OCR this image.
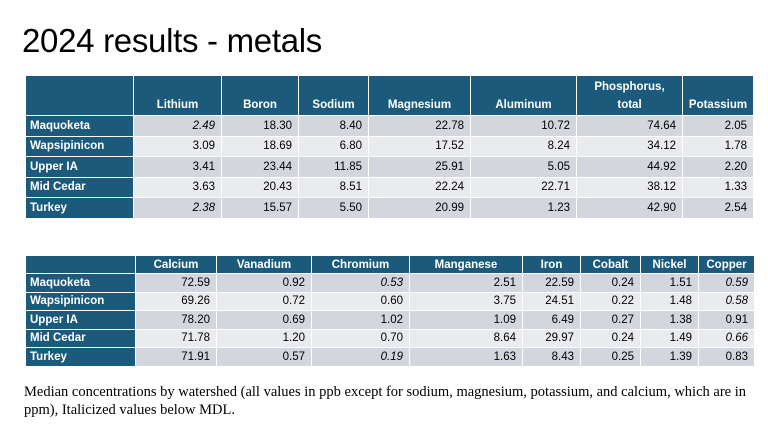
2024 results - metals
	Lithium	Boron	Sodium	Magnesium	Aluminum	Phosphorus, total	Potassium
Maquoketa	2.49	18.30	8.40	22.78	10.72	74.64	2.05
Wapsipinicon	3.09	18.69	6.80	17.52	8.24	34.12	1.78
Upper IA	3.41	23.44	11.85	25.91	5.05	44.92	2.20
Mid Cedar	3.63	20.43	8.51	22.24	22.71	38.12	1.33
Turkey	2.38	15.57	5.50	20.99	1.23	42.90	2.54
	Calcium	Vanadium	Chromium	Manganese	Iron	Cobalt	Nickel	Copper
Maquoketa	72.59	0.92	0.53	2.51	22.59	0.24	1.51	0.59
Wapsipinicon	69.26	0.72	0.60	3.75	24.51	0.22	1.48	0.58
Upper IA	78.20	0.69	1.02	1.09	6.49	0.27	1.38	0.91
Mid Cedar	71.78	1.20	0.70	8.64	29.97	0.24	1.49	0.66
Turkey	71.91	0.57	0.19	1.63	8.43	0.25	1.39	0.83

Median concentrations by watershed (all values in ppb except for sodium, magnesium, potassium, and calcium, which are in ppm), Italicized values below MDL.
